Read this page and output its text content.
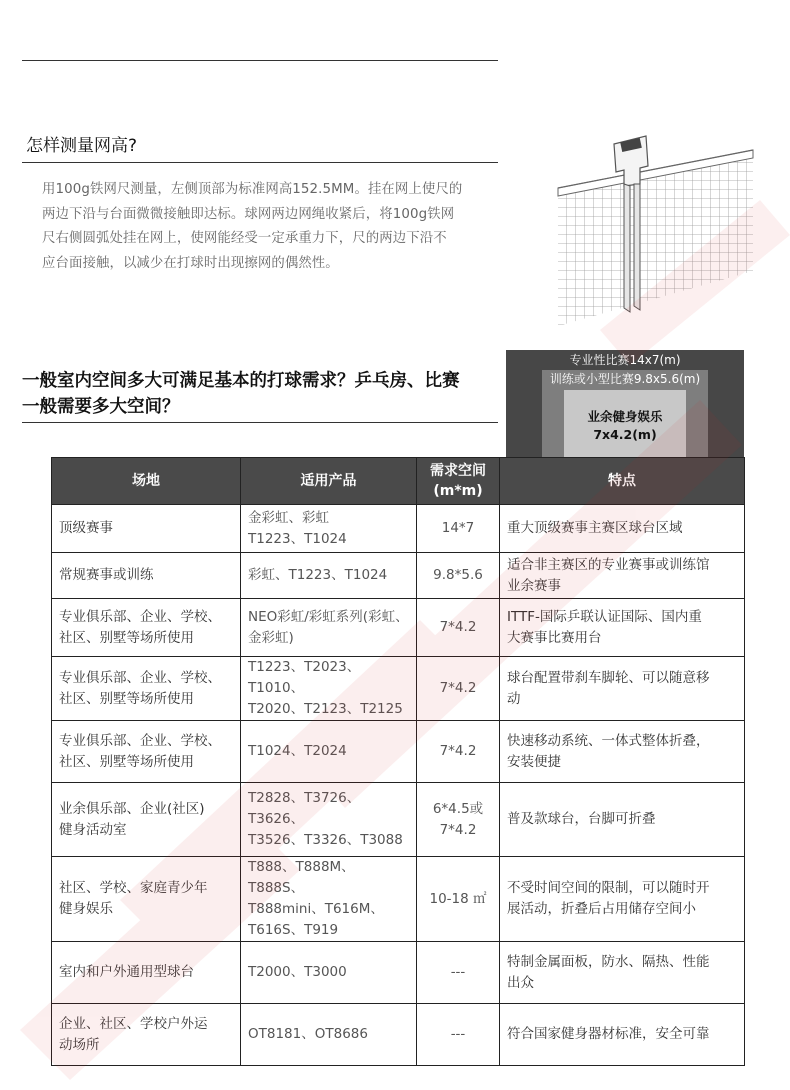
怎样测量网高?
用100g铁网尺测量，左侧顶部为标准网高152.5MM。挂在网上使尺的
两边下沿与台面微微接触即达标。球网两边网绳收紧后，将100g铁网
尺右侧圆弧处挂在网上，使网能经受一定承重力下，尺的两边下沿不
应台面接触，以减少在打球时出现擦网的偶然性。
一般室内空间多大可满足基本的打球需求？乒乓房、比赛
一般需要多大空间？
专业性比赛14x7(m)
训练或小型比赛9.8x5.6(m)
业余健身娱乐
7x4.2(m)
场地	适用产品	需求空间
(m*m)	特点
顶级赛事	金彩虹、彩虹
T1223、T1024	14*7	重大顶级赛事主赛区球台区域
常规赛事或训练	彩虹、T1223、T1024	9.8*5.6	适合非主赛区的专业赛事或训练馆
业余赛事
专业俱乐部、企业、学校、
社区、别墅等场所使用	NEO彩虹/彩虹系列(彩虹、
金彩虹)	7*4.2	ITTF-国际乒联认证国际、国内重
大赛事比赛用台
专业俱乐部、企业、学校、
社区、别墅等场所使用	T1223、T2023、T1010、
T2020、T2123、T2125	7*4.2	球台配置带刹车脚轮、可以随意移
动
专业俱乐部、企业、学校、
社区、别墅等场所使用	T1024、T2024	7*4.2	快速移动系统、一体式整体折叠，
安装便捷
业余俱乐部、企业(社区)
健身活动室	T2828、T3726、T3626、
T3526、T3326、T3088	6*4.5或
7*4.2	普及款球台，台脚可折叠
社区、学校、家庭青少年
健身娱乐	T888、T888M、T888S、
T888mini、T616M、
T616S、T919	10-18 ㎡	不受时间空间的限制，可以随时开
展活动，折叠后占用储存空间小
室内和户外通用型球台	T2000、T3000	---	特制金属面板，防水、隔热、性能
出众
企业、社区、学校户外运
动场所	OT8181、OT8686	---	符合国家健身器材标准，安全可靠
